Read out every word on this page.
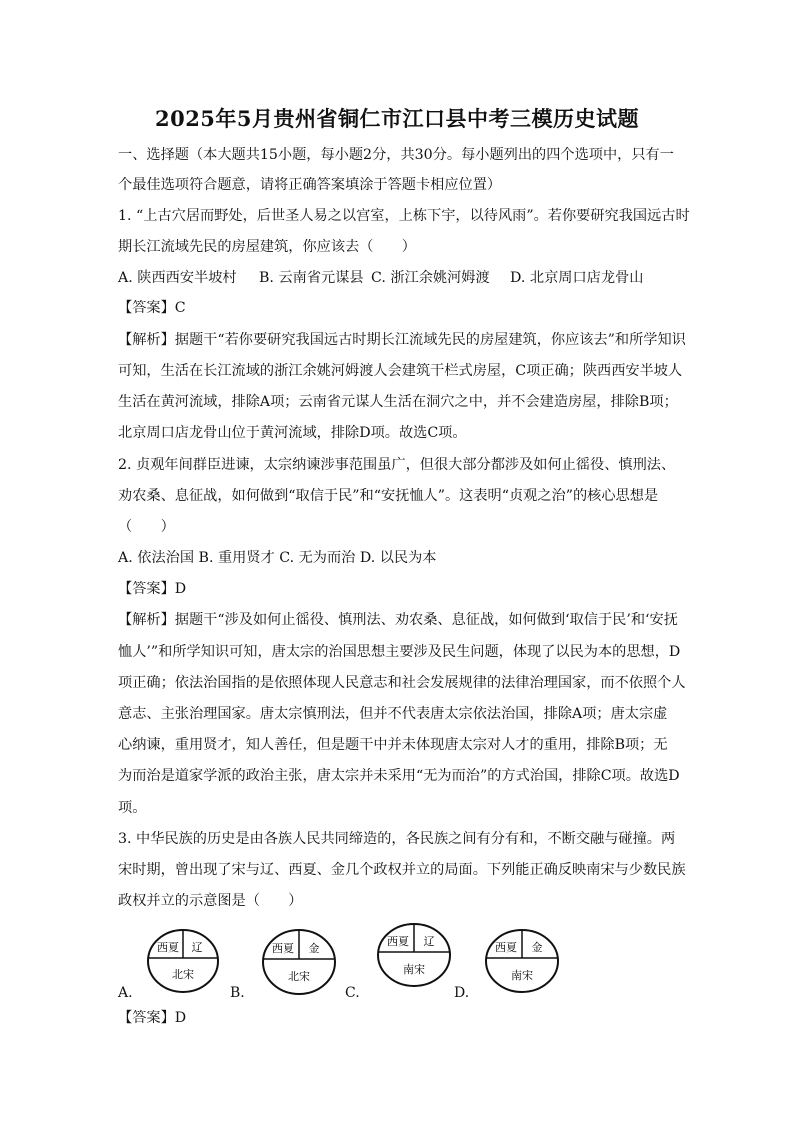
2025年5月贵州省铜仁市江口县中考三模历史试题
一、选择题（本大题共15小题，每小题2分，共30分。每小题列出的四个选项中，只有一
个最佳选项符合题意，请将正确答案填涂于答题卡相应位置）
1. “上古穴居而野处，后世圣人易之以宫室，上栋下宇，以待风雨”。若你要研究我国远古时
期长江流域先民的房屋建筑，你应该去（　　）
A. 陕西西安半坡村 B. 云南省元谋县 C. 浙江余姚河姆渡 D. 北京周口店龙骨山
【答案】C
【解析】据题干“若你要研究我国远古时期长江流域先民的房屋建筑，你应该去”和所学知识
可知，生活在长江流域的浙江余姚河姆渡人会建筑干栏式房屋，C项正确；陕西西安半坡人
生活在黄河流域，排除A项；云南省元谋人生活在洞穴之中，并不会建造房屋，排除B项；
北京周口店龙骨山位于黄河流域，排除D项。故选C项。
2. 贞观年间群臣进谏，太宗纳谏涉事范围虽广，但很大部分都涉及如何止徭役、慎刑法、
劝农桑、息征战，如何做到“取信于民”和“安抚恤人”。这表明“贞观之治”的核心思想是
（　　）
A. 依法治国 B. 重用贤才 C. 无为而治 D. 以民为本
【答案】D
【解析】据题干“涉及如何止徭役、慎刑法、劝农桑、息征战，如何做到‘取信于民’和‘安抚
恤人’”和所学知识可知，唐太宗的治国思想主要涉及民生问题，体现了以民为本的思想，D
项正确；依法治国指的是依照体现人民意志和社会发展规律的法律治理国家，而不依照个人
意志、主张治理国家。唐太宗慎刑法，但并不代表唐太宗依法治国，排除A项；唐太宗虚
心纳谏，重用贤才，知人善任，但是题干中并未体现唐太宗对人才的重用，排除B项；无
为而治是道家学派的政治主张，唐太宗并未采用“无为而治”的方式治国，排除C项。故选D
项。
3. 中华民族的历史是由各族人民共同缔造的，各民族之间有分有和，不断交融与碰撞。两
宋时期，曾出现了宋与辽、西夏、金几个政权并立的局面。下列能正确反映南宋与少数民族
政权并立的示意图是（　　）
A.
西夏 辽
北宋
B.
西夏 金
北宋
C.
西夏 辽
南宋
D.
西夏 金
南宋
【答案】D
